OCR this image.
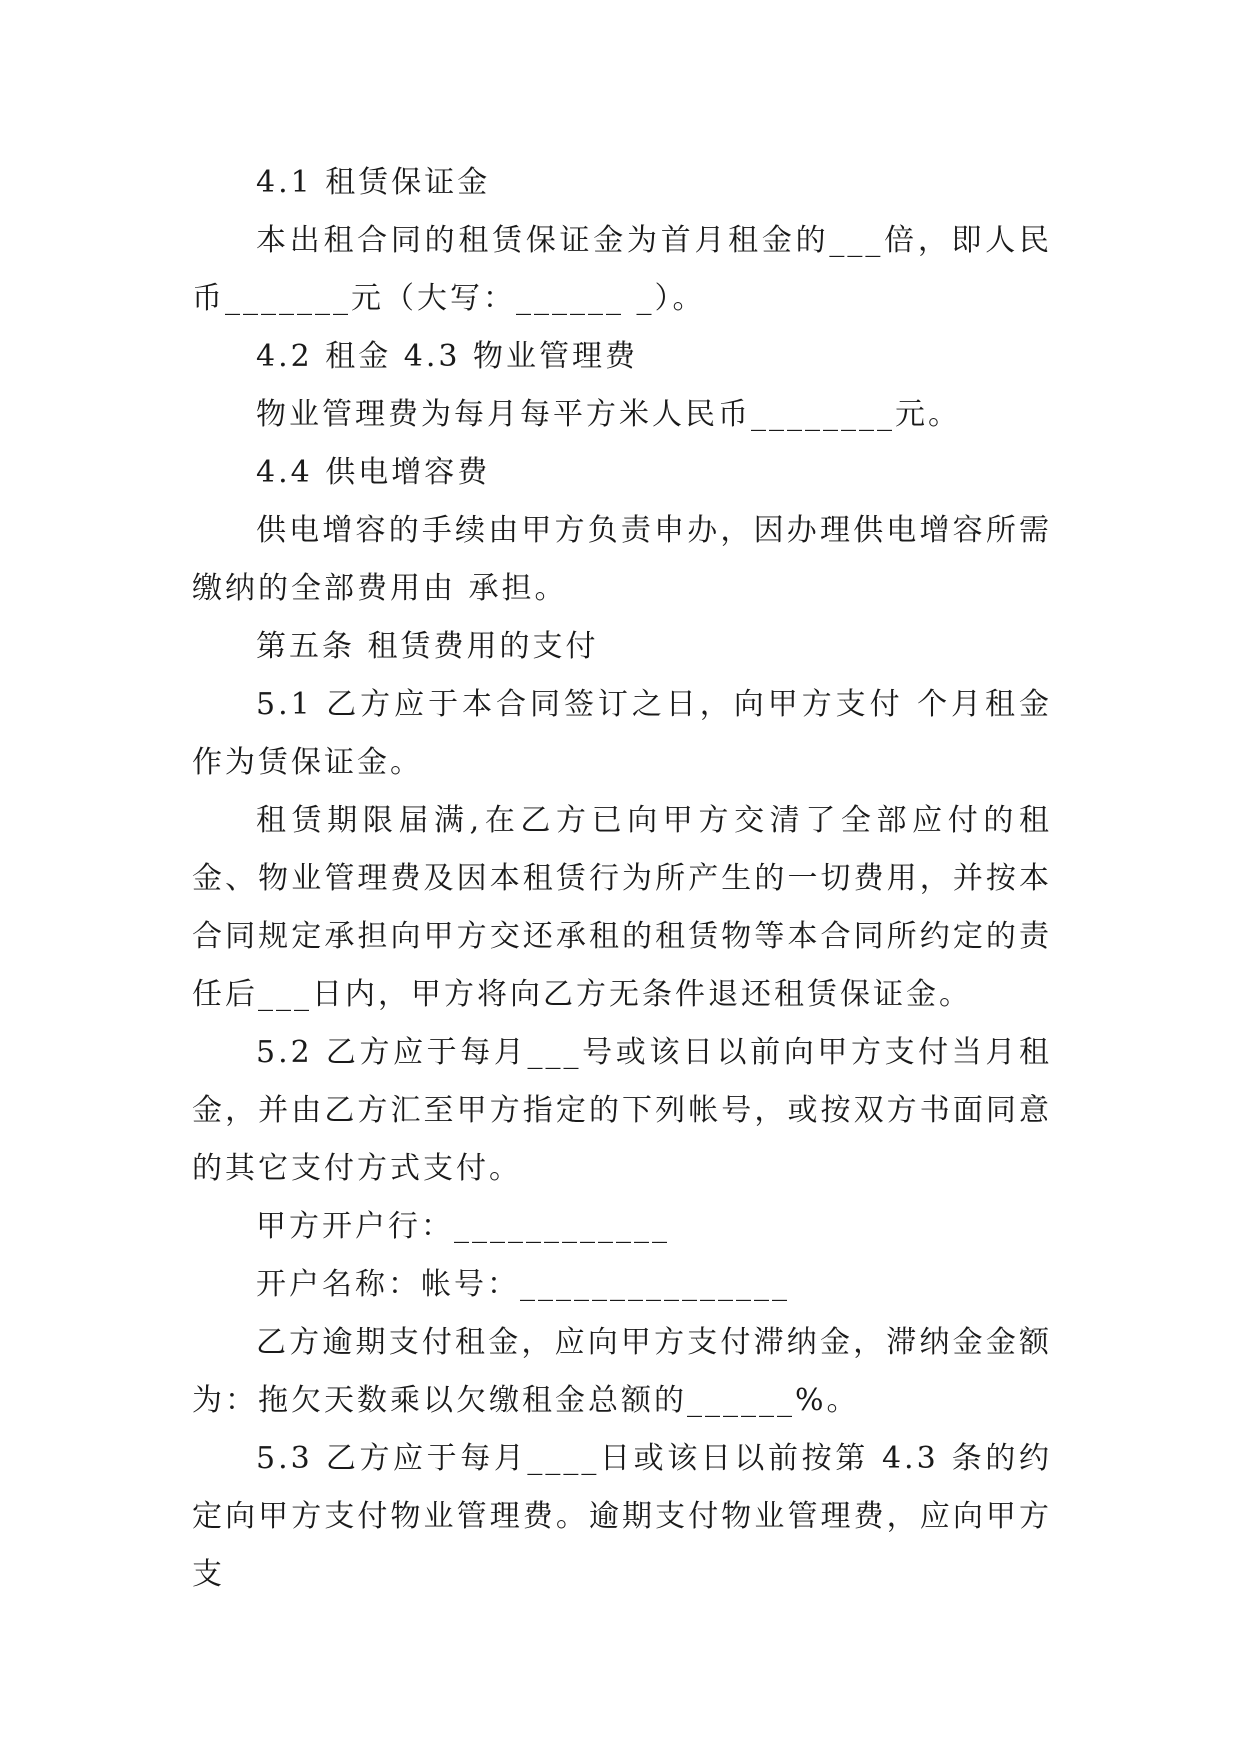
4.1 租赁保证金

本出租合同的租赁保证金为首月租金的___倍，即人民币_______元（大写：______ _）。

4.2 租金 4.3 物业管理费

物业管理费为每月每平方米人民币________元。

4.4 供电增容费

供电增容的手续由甲方负责申办，因办理供电增容所需缴纳的全部费用由 承担。

第五条 租赁费用的支付

5.1 乙方应于本合同签订之日，向甲方支付 个月租金作为赁保证金。

租赁期限届满,在乙方已向甲方交清了全部应付的租金、物业管理费及因本租赁行为所产生的一切费用，并按本合同规定承担向甲方交还承租的租赁物等本合同所约定的责任后___日内，甲方将向乙方无条件退还租赁保证金。

5.2 乙方应于每月___号或该日以前向甲方支付当月租金，并由乙方汇至甲方指定的下列帐号，或按双方书面同意的其它支付方式支付。

甲方开户行：____________

开户名称：帐号：_______________

乙方逾期支付租金，应向甲方支付滞纳金，滞纳金金额为：拖欠天数乘以欠缴租金总额的______%。

5.3 乙方应于每月____日或该日以前按第 4.3 条的约定向甲方支付物业管理费。逾期支付物业管理费，应向甲方支
